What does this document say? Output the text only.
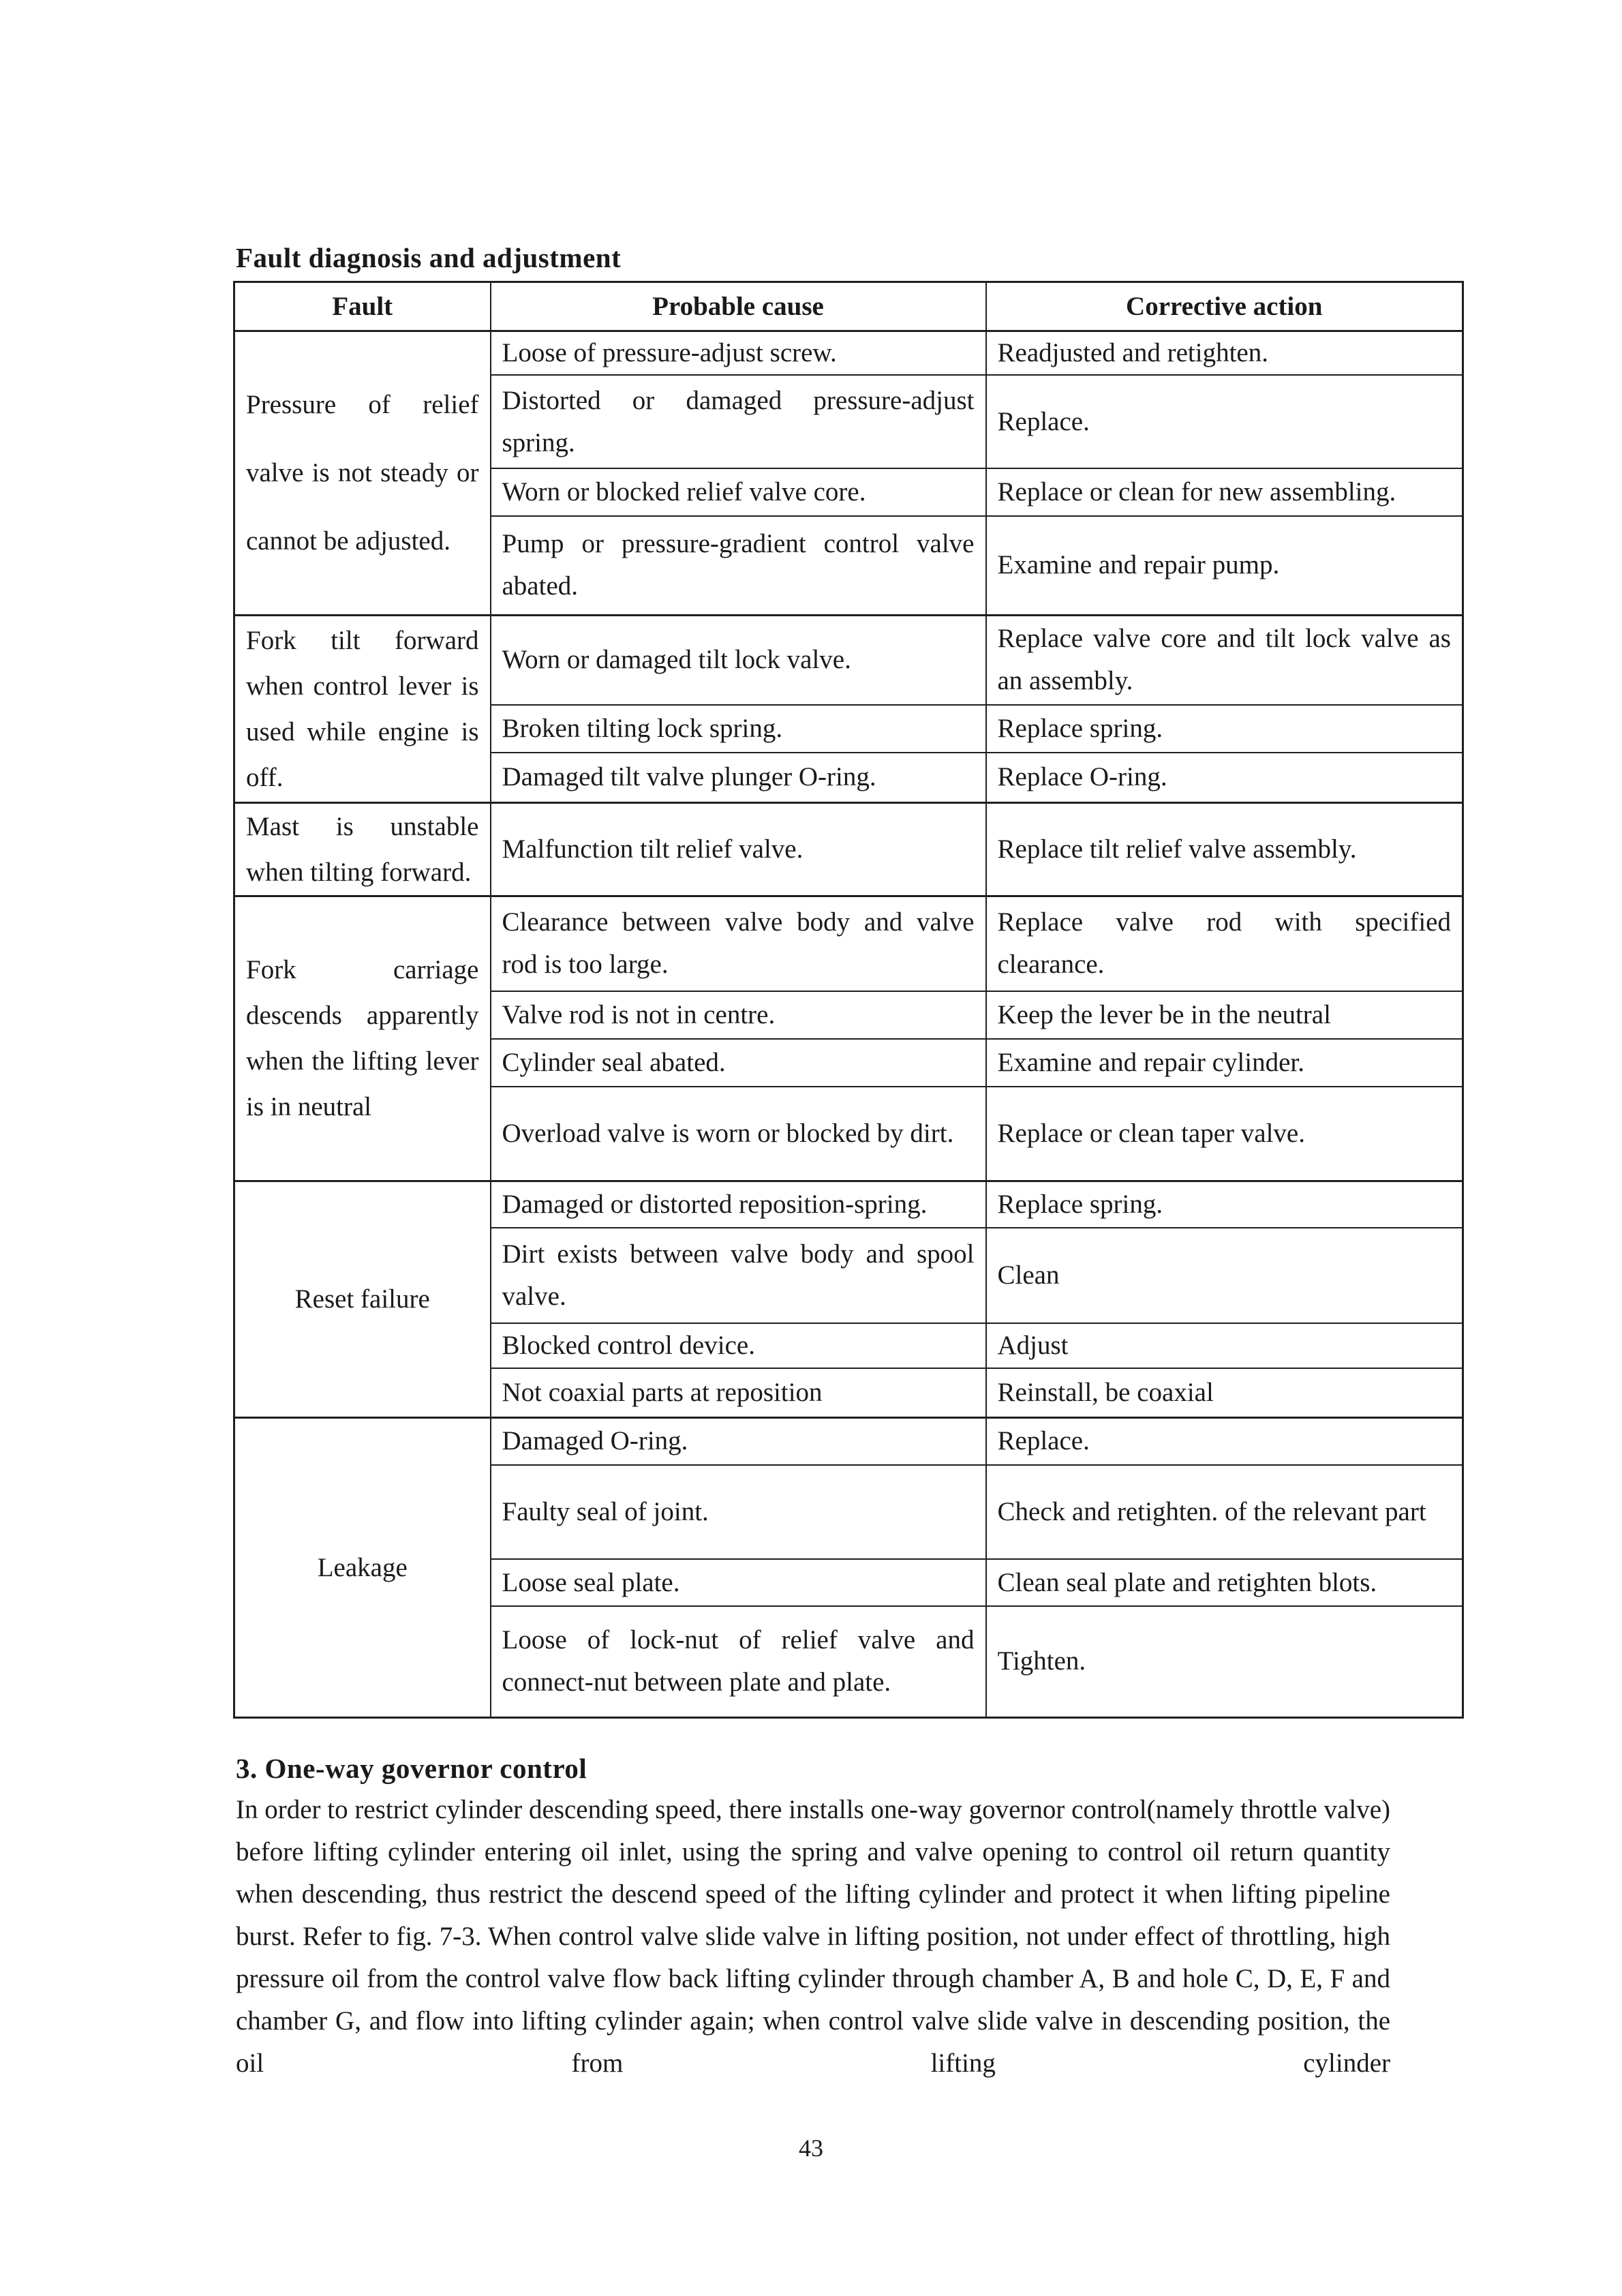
Fault diagnosis and adjustment
Fault	Probable cause	Corrective action
Pressure of relief valve is not steady or cannot be adjusted.	Loose of pressure-adjust screw.	Readjusted and retighten.
	Distorted or damaged pressure-adjust spring.	Replace.
	Worn or blocked relief valve core.	Replace or clean for new assembling.
	Pump or pressure-gradient control valve abated.	Examine and repair pump.
Fork tilt forward when control lever is used while engine is off.	Worn or damaged tilt lock valve.	Replace valve core and tilt lock valve as an assembly.
	Broken tilting lock spring.	Replace spring.
	Damaged tilt valve plunger O-ring.	Replace O-ring.
Mast is unstable when tilting forward.	Malfunction tilt relief valve.	Replace tilt relief valve assembly.
Fork carriage descends apparently when the lifting lever is in neutral	Clearance between valve body and valve rod is too large.	Replace valve rod with specified clearance.
	Valve rod is not in centre.	Keep the lever be in the neutral
	Cylinder seal abated.	Examine and repair cylinder.
	Overload valve is worn or blocked by dirt.	Replace or clean taper valve.
Reset failure	Damaged or distorted reposition-spring.	Replace spring.
	Dirt exists between valve body and spool valve.	Clean
	Blocked control device.	Adjust
	Not coaxial parts at reposition	Reinstall, be coaxial
Leakage	Damaged O-ring.	Replace.
	Faulty seal of joint.	Check and retighten. of the relevant part
	Loose seal plate.	Clean seal plate and retighten blots.
	Loose of lock-nut of relief valve and connect-nut between plate and plate.	Tighten.
3. One-way governor control

In order to restrict cylinder descending speed, there installs one-way governor control(namely throttle valve) before lifting cylinder entering oil inlet, using the spring and valve opening to control oil return quantity when descending, thus restrict the descend speed of the lifting cylinder and protect it when lifting pipeline burst. Refer to fig. 7-3. When control valve slide valve in lifting position, not under effect of throttling, high pressure oil from the control valve flow back lifting cylinder through chamber A, B and hole C, D, E, F and chamber G, and flow into lifting cylinder again; when control valve slide valve in descending position, the oil from lifting cylinder

43
